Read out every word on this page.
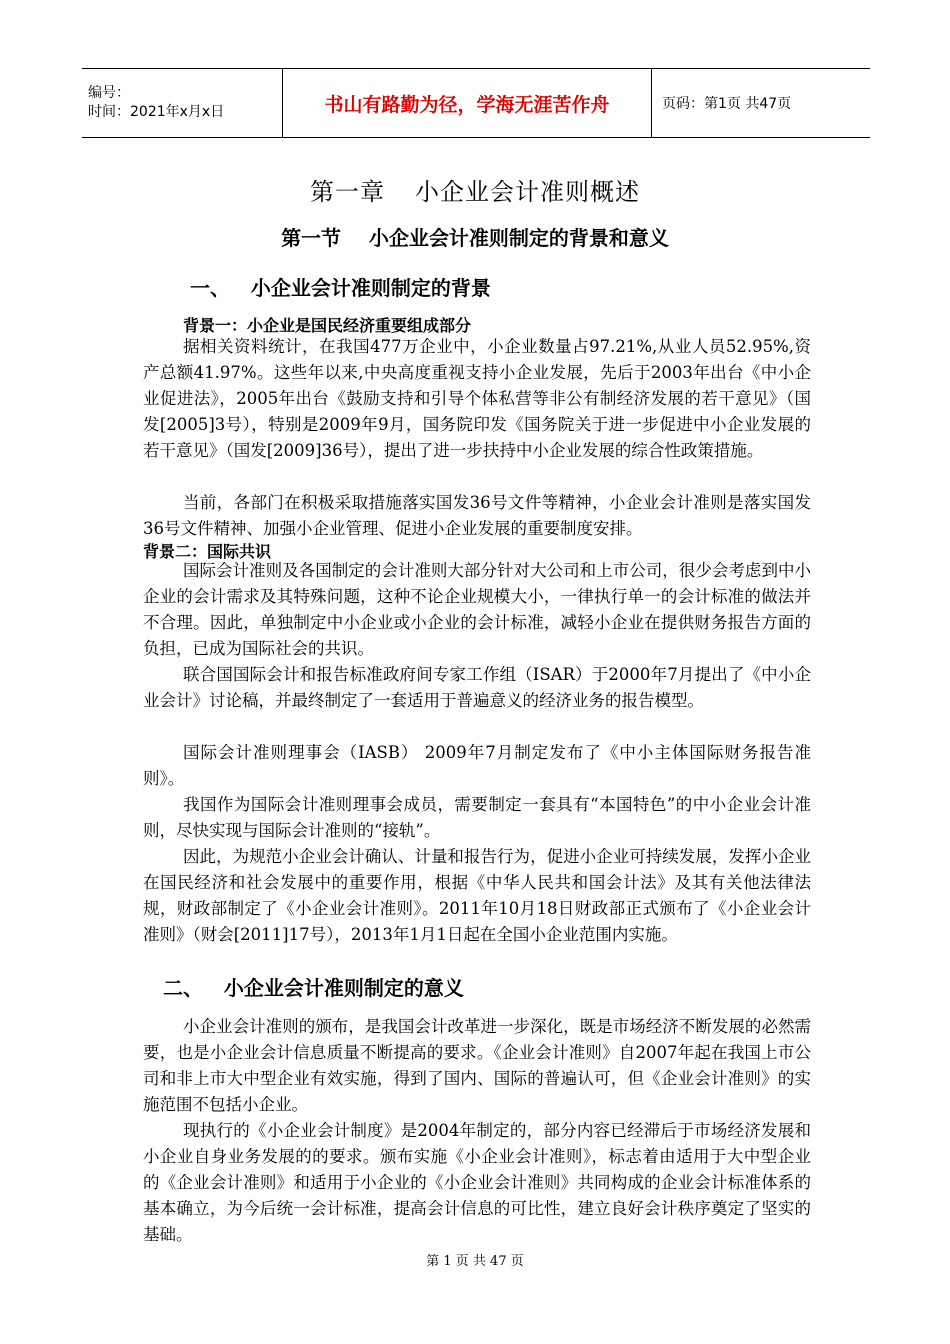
编号：
时间：2021年x月x日	书山有路勤为径，学海无涯苦作舟	页码：第1页 共47页
第一章 小企业会计准则概述
第一节    小企业会计准则制定的背景和意义
一、   小企业会计准则制定的背景
背景一：小企业是国民经济重要组成部分
据相关资料统计，在我国477万企业中，小企业数量占97.21%,从业人员52.95%,资产总额41.97%。这些年以来,中央高度重视支持小企业发展，先后于2003年出台《中小企业促进法》，2005年出台《鼓励支持和引导个体私营等非公有制经济发展的若干意见》（国发[2005]3号），特别是2009年9月，国务院印发《国务院关于进一步促进中小企业发展的若干意见》（国发[2009]36号），提出了进一步扶持中小企业发展的综合性政策措施。
当前，各部门在积极采取措施落实国发36号文件等精神，小企业会计准则是落实国发36号文件精神、加强小企业管理、促进小企业发展的重要制度安排。
背景二：国际共识
国际会计准则及各国制定的会计准则大部分针对大公司和上市公司，很少会考虑到中小企业的会计需求及其特殊问题，这种不论企业规模大小，一律执行单一的会计标准的做法并不合理。因此，单独制定中小企业或小企业的会计标准，减轻小企业在提供财务报告方面的负担，已成为国际社会的共识。
联合国国际会计和报告标准政府间专家工作组（ISAR）于2000年7月提出了《中小企业会计》讨论稿，并最终制定了一套适用于普遍意义的经济业务的报告模型。
国际会计准则理事会（IASB） 2009年7月制定发布了《中小主体国际财务报告准则》。
我国作为国际会计准则理事会成员，需要制定一套具有“本国特色”的中小企业会计准则，尽快实现与国际会计准则的“接轨”。
因此，为规范小企业会计确认、计量和报告行为，促进小企业可持续发展，发挥小企业在国民经济和社会发展中的重要作用，根据《中华人民共和国会计法》及其有关他法律法规，财政部制定了《小企业会计准则》。2011年10月18日财政部正式颁布了《小企业会计准则》（财会[2011]17号），2013年1月1日起在全国小企业范围内实施。
二、   小企业会计准则制定的意义
小企业会计准则的颁布，是我国会计改革进一步深化，既是市场经济不断发展的必然需要，也是小企业会计信息质量不断提高的要求。《企业会计准则》自2007年起在我国上市公司和非上市大中型企业有效实施，得到了国内、国际的普遍认可，但《企业会计准则》的实施范围不包括小企业。
现执行的《小企业会计制度》是2004年制定的，部分内容已经滞后于市场经济发展和小企业自身业务发展的的要求。颁布实施《小企业会计准则》，标志着由适用于大中型企业的《企业会计准则》和适用于小企业的《小企业会计准则》共同构成的企业会计标准体系的基本确立，为今后统一会计标准，提高会计信息的可比性，建立良好会计秩序奠定了坚实的基础。
第 1 页 共 47 页
